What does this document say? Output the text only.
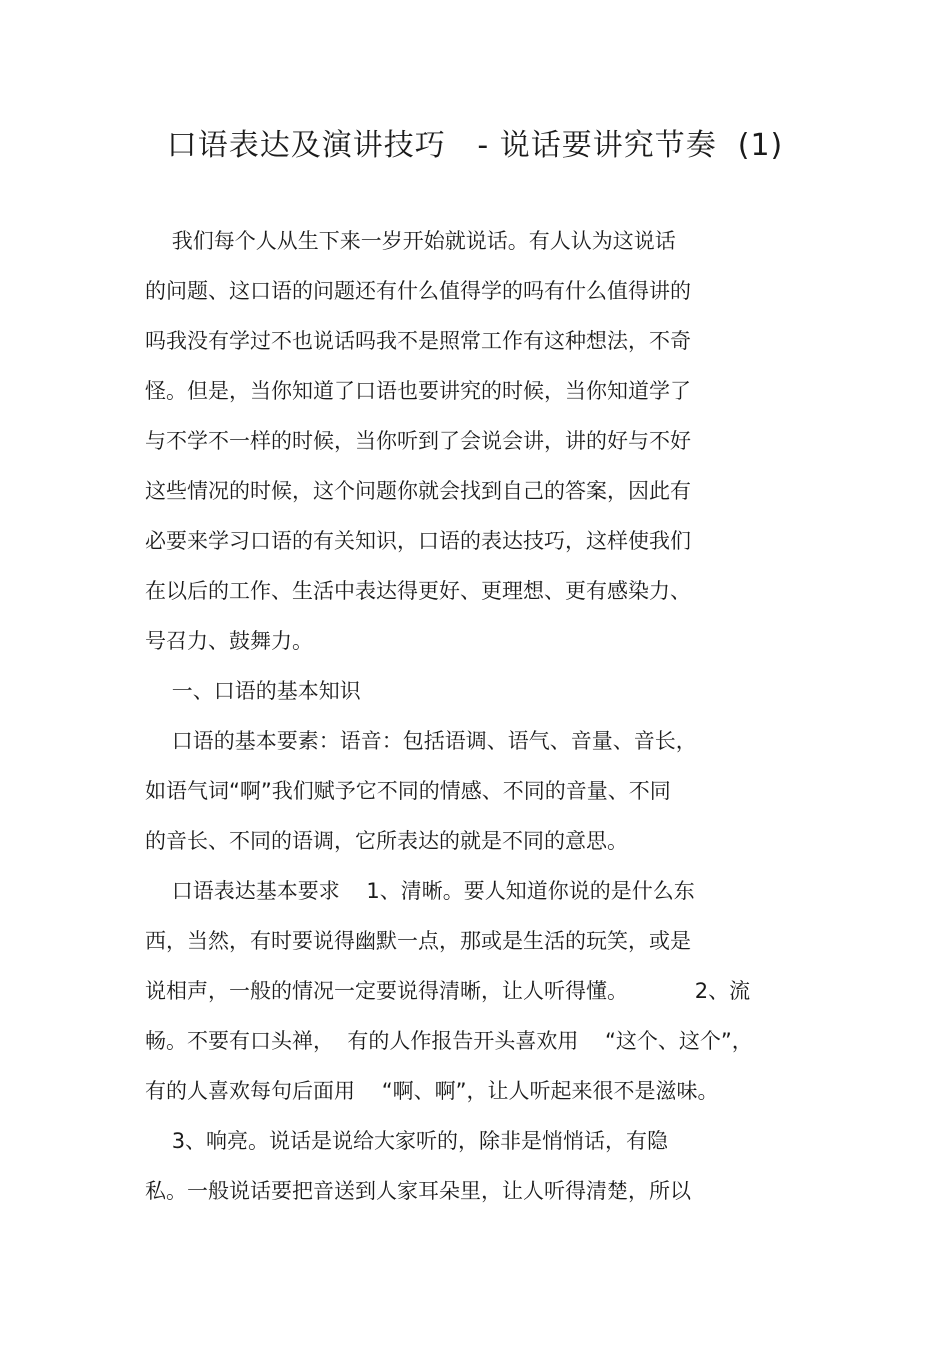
口语表达及演讲技巧   - 说话要讲究节奏  (1)
我们每个人从生下来一岁开始就说话。有人认为这说话
的问题、这口语的问题还有什么值得学的吗有什么值得讲的
吗我没有学过不也说话吗我不是照常工作有这种想法，不奇
怪。但是，当你知道了口语也要讲究的时候，当你知道学了
与不学不一样的时候，当你听到了会说会讲，讲的好与不好
这些情况的时候，这个问题你就会找到自己的答案，因此有
必要来学习口语的有关知识，口语的表达技巧，这样使我们
在以后的工作、生活中表达得更好、更理想、更有感染力、
号召力、鼓舞力。
一、口语的基本知识
口语的基本要素：语音：包括语调、语气、音量、音长，
如语气词“啊”我们赋予它不同的情感、不同的音量、不同
的音长、不同的语调，它所表达的就是不同的意思。
口语表达基本要求    1、清晰。要人知道你说的是什么东
西，当然，有时要说得幽默一点，那或是生活的玩笑，或是
说相声，一般的情况一定要说得清晰，让人听得懂。          2、流
畅。不要有口头禅，  有的人作报告开头喜欢用    “这个、这个”，
有的人喜欢每句后面用    “啊、啊”，让人听起来很不是滋味。
3、响亮。说话是说给大家听的，除非是悄悄话，有隐
私。一般说话要把音送到人家耳朵里，让人听得清楚，所以
